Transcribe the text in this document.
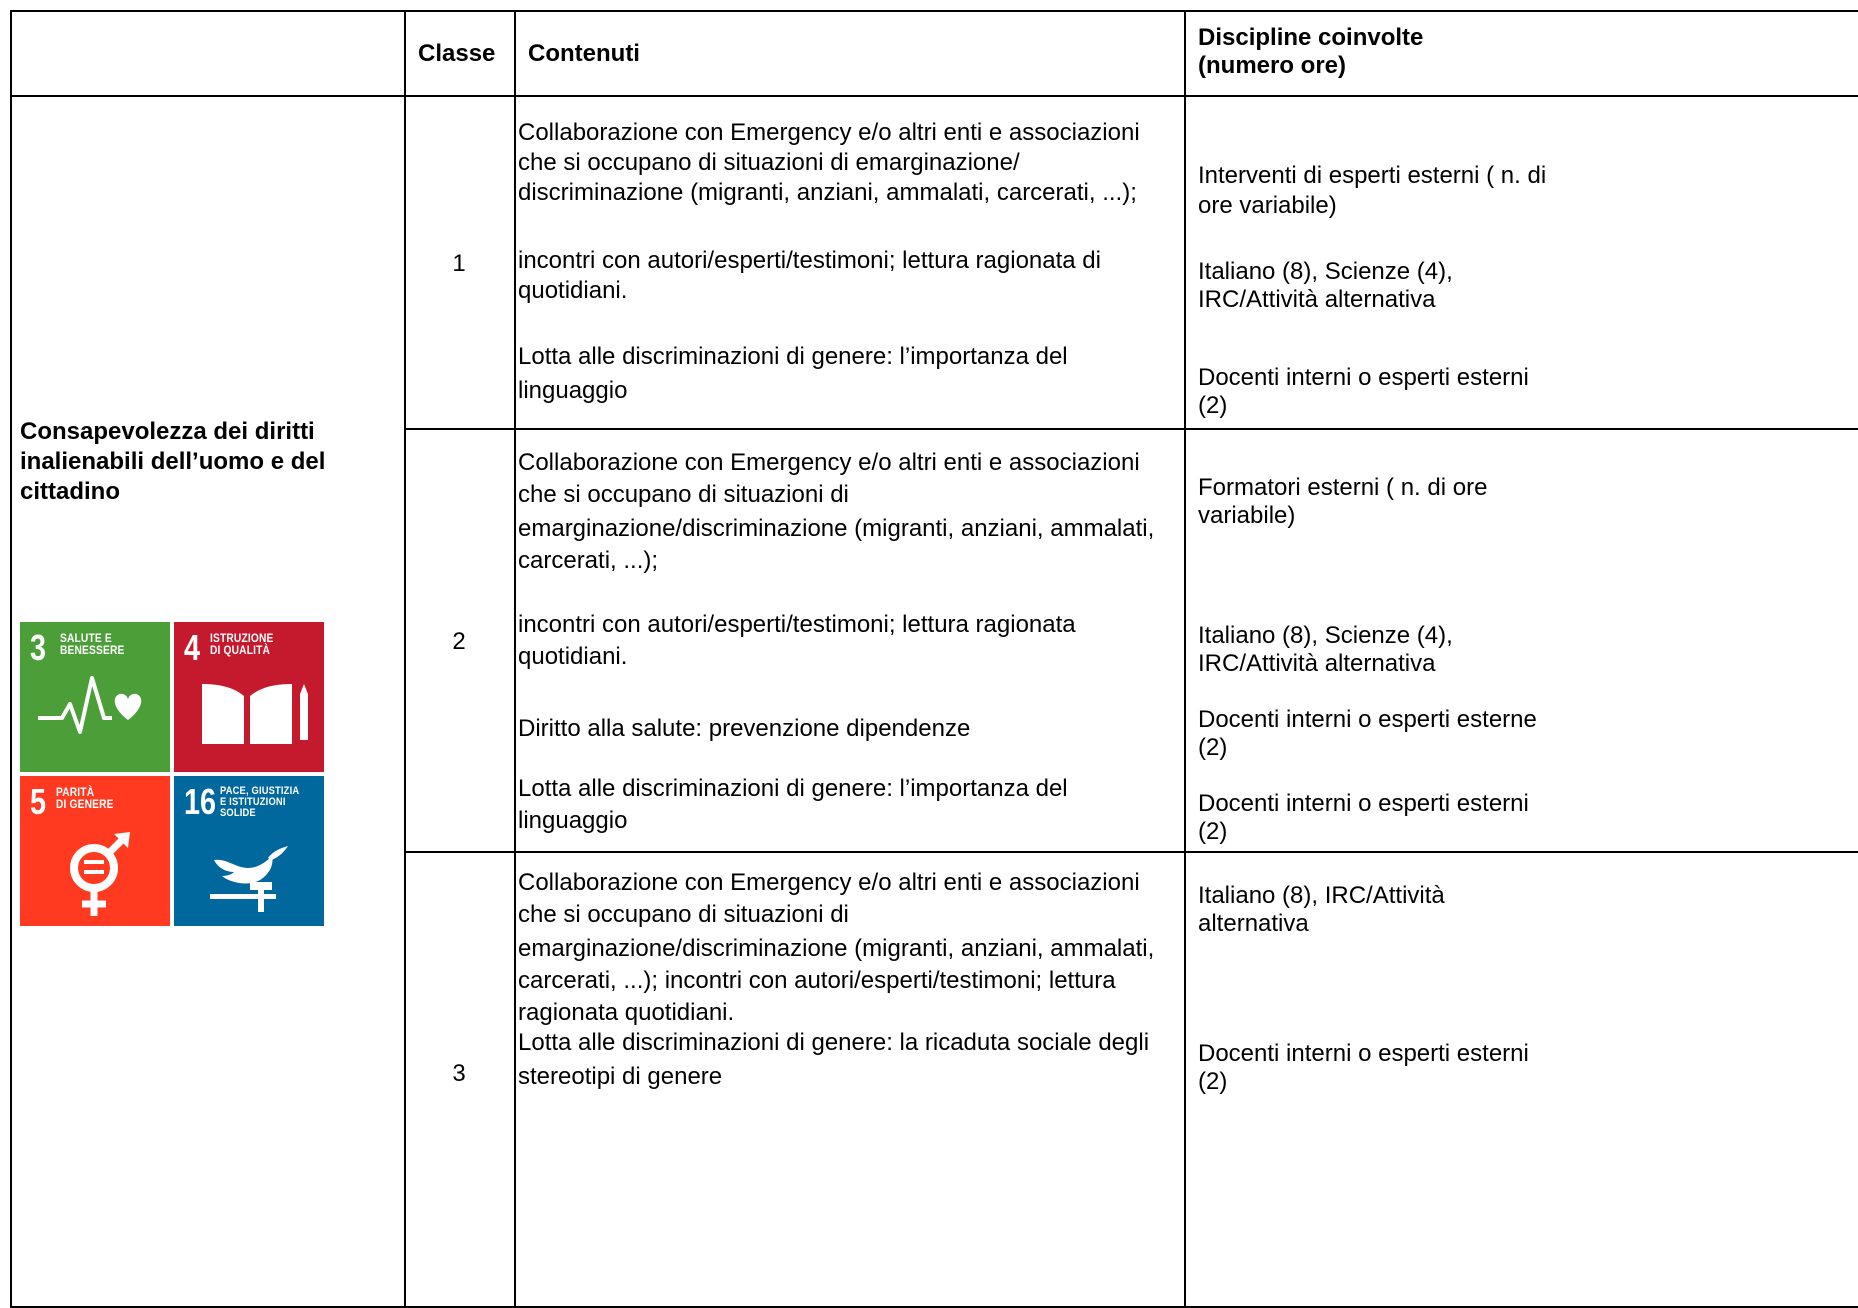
Classe Contenuti
Discipline coinvolte
(numero ore)
Consapevolezza dei diritti
inalienabili dell’uomo e del
cittadino
3 SALUTE E
BENESSERE 4 ISTRUZIONE
DI QUALITÀ
5 PARITÀ
DI GENERE 16 PACE, GIUSTIZIA
E ISTITUZIONI
SOLIDE
1
2
3
Collaborazione con Emergency e/o altri enti e associazioni
che si occupano di situazioni di emarginazione/
discriminazione (migranti, anziani, ammalati, carcerati, ...);
incontri con autori/esperti/testimoni; lettura ragionata di
quotidiani.
Lotta alle discriminazioni di genere: l’importanza del
linguaggio
Interventi di esperti esterni ( n. di
ore variabile)
Italiano (8), Scienze (4),
IRC/Attività alternativa
Docenti interni o esperti esterni
(2)
Collaborazione con Emergency e/o altri enti e associazioni
che si occupano di situazioni di
emarginazione/discriminazione (migranti, anziani, ammalati,
carcerati, ...);
incontri con autori/esperti/testimoni; lettura ragionata
quotidiani.
Diritto alla salute: prevenzione dipendenze
Lotta alle discriminazioni di genere: l’importanza del
linguaggio
Formatori esterni ( n. di ore
variabile)
Italiano (8), Scienze (4),
IRC/Attività alternativa
Docenti interni o esperti esterne
(2)
Docenti interni o esperti esterni
(2)
Collaborazione con Emergency e/o altri enti e associazioni
che si occupano di situazioni di
emarginazione/discriminazione (migranti, anziani, ammalati,
carcerati, ...); incontri con autori/esperti/testimoni; lettura
ragionata quotidiani.
Lotta alle discriminazioni di genere: la ricaduta sociale degli
stereotipi di genere
Italiano (8), IRC/Attività
alternativa
Docenti interni o esperti esterni
(2)
